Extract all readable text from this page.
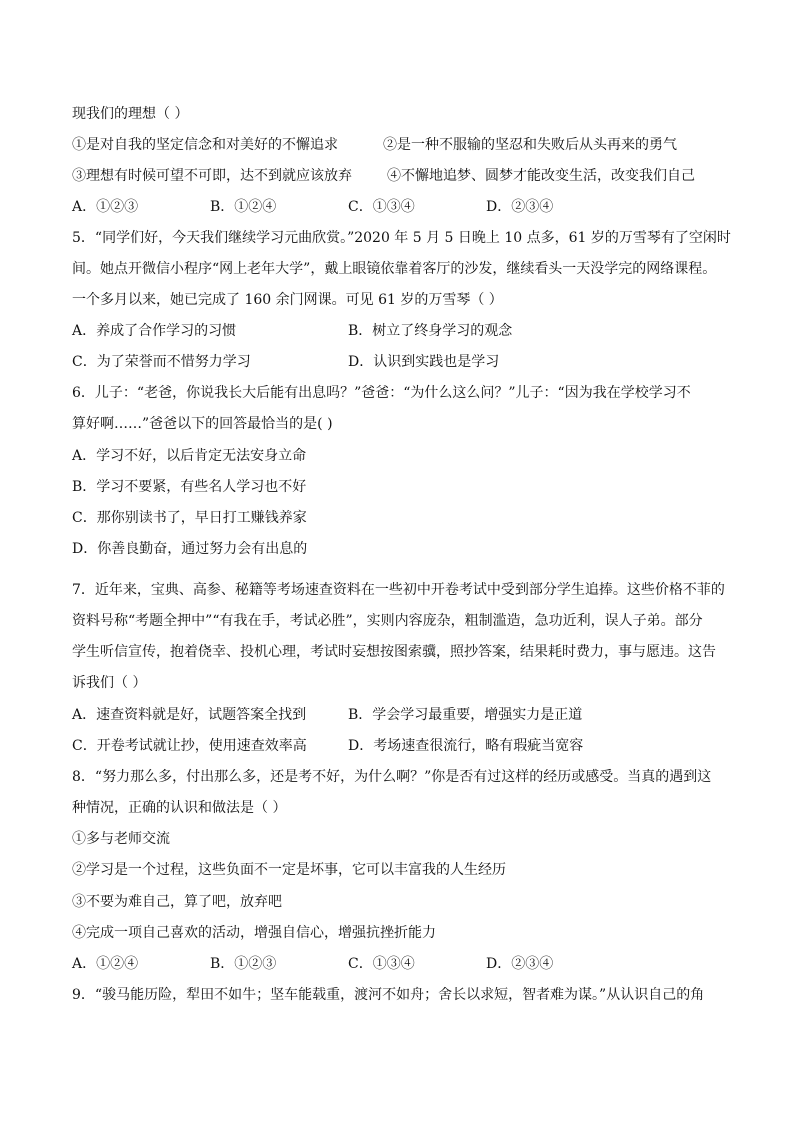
现我们的理想（ ）
①是对自我的坚定信念和对美好的不懈追求	②是一种不服输的坚忍和失败后从头再来的勇气
③理想有时候可望不可即，达不到就应该放弃	④不懈地追梦、圆梦才能改变生活，改变我们自己
A．①②③	B．①②④	C．①③④	D．②③④
5．“同学们好，今天我们继续学习元曲欣赏。”2020 年 5 月 5 日晚上 10 点多，61 岁的万雪琴有了空闲时
间。她点开微信小程序“网上老年大学”，戴上眼镜依靠着客厅的沙发，继续看头一天没学完的网络课程。
一个多月以来，她已完成了 160 余门网课。可见 61 岁的万雪琴（ ）
A．养成了合作学习的习惯	B．树立了终身学习的观念
C．为了荣誉而不惜努力学习	D．认识到实践也是学习
6．儿子：“老爸，你说我长大后能有出息吗？”爸爸：“为什么这么问？”儿子：“因为我在学校学习不
算好啊……”爸爸以下的回答最恰当的是( )
A．学习不好，以后肯定无法安身立命
B．学习不要紧，有些名人学习也不好
C．那你别读书了，早日打工赚钱养家
D．你善良勤奋，通过努力会有出息的
7．近年来，宝典、高参、秘籍等考场速查资料在一些初中开卷考试中受到部分学生追捧。这些价格不菲的
资料号称“考题全押中”“有我在手，考试必胜”，实则内容庞杂，粗制滥造，急功近利，误人子弟。部分
学生听信宣传，抱着侥幸、投机心理，考试时妄想按图索骥，照抄答案，结果耗时费力，事与愿违。这告
诉我们（ ）
A．速查资料就是好，试题答案全找到	B．学会学习最重要，增强实力是正道
C．开卷考试就让抄，使用速查效率高	D．考场速查很流行，略有瑕疵当宽容
8．“努力那么多，付出那么多，还是考不好，为什么啊？”你是否有过这样的经历或感受。当真的遇到这
种情况，正确的认识和做法是（ ）
①多与老师交流
②学习是一个过程，这些负面不一定是坏事，它可以丰富我的人生经历
③不要为难自己，算了吧，放弃吧
④完成一项自己喜欢的活动，增强自信心，增强抗挫折能力
A．①②④	B．①②③	C．①③④	D．②③④
9．“骏马能历险，犁田不如牛；坚车能载重，渡河不如舟；舍长以求短，智者难为谋。”从认识自己的角
